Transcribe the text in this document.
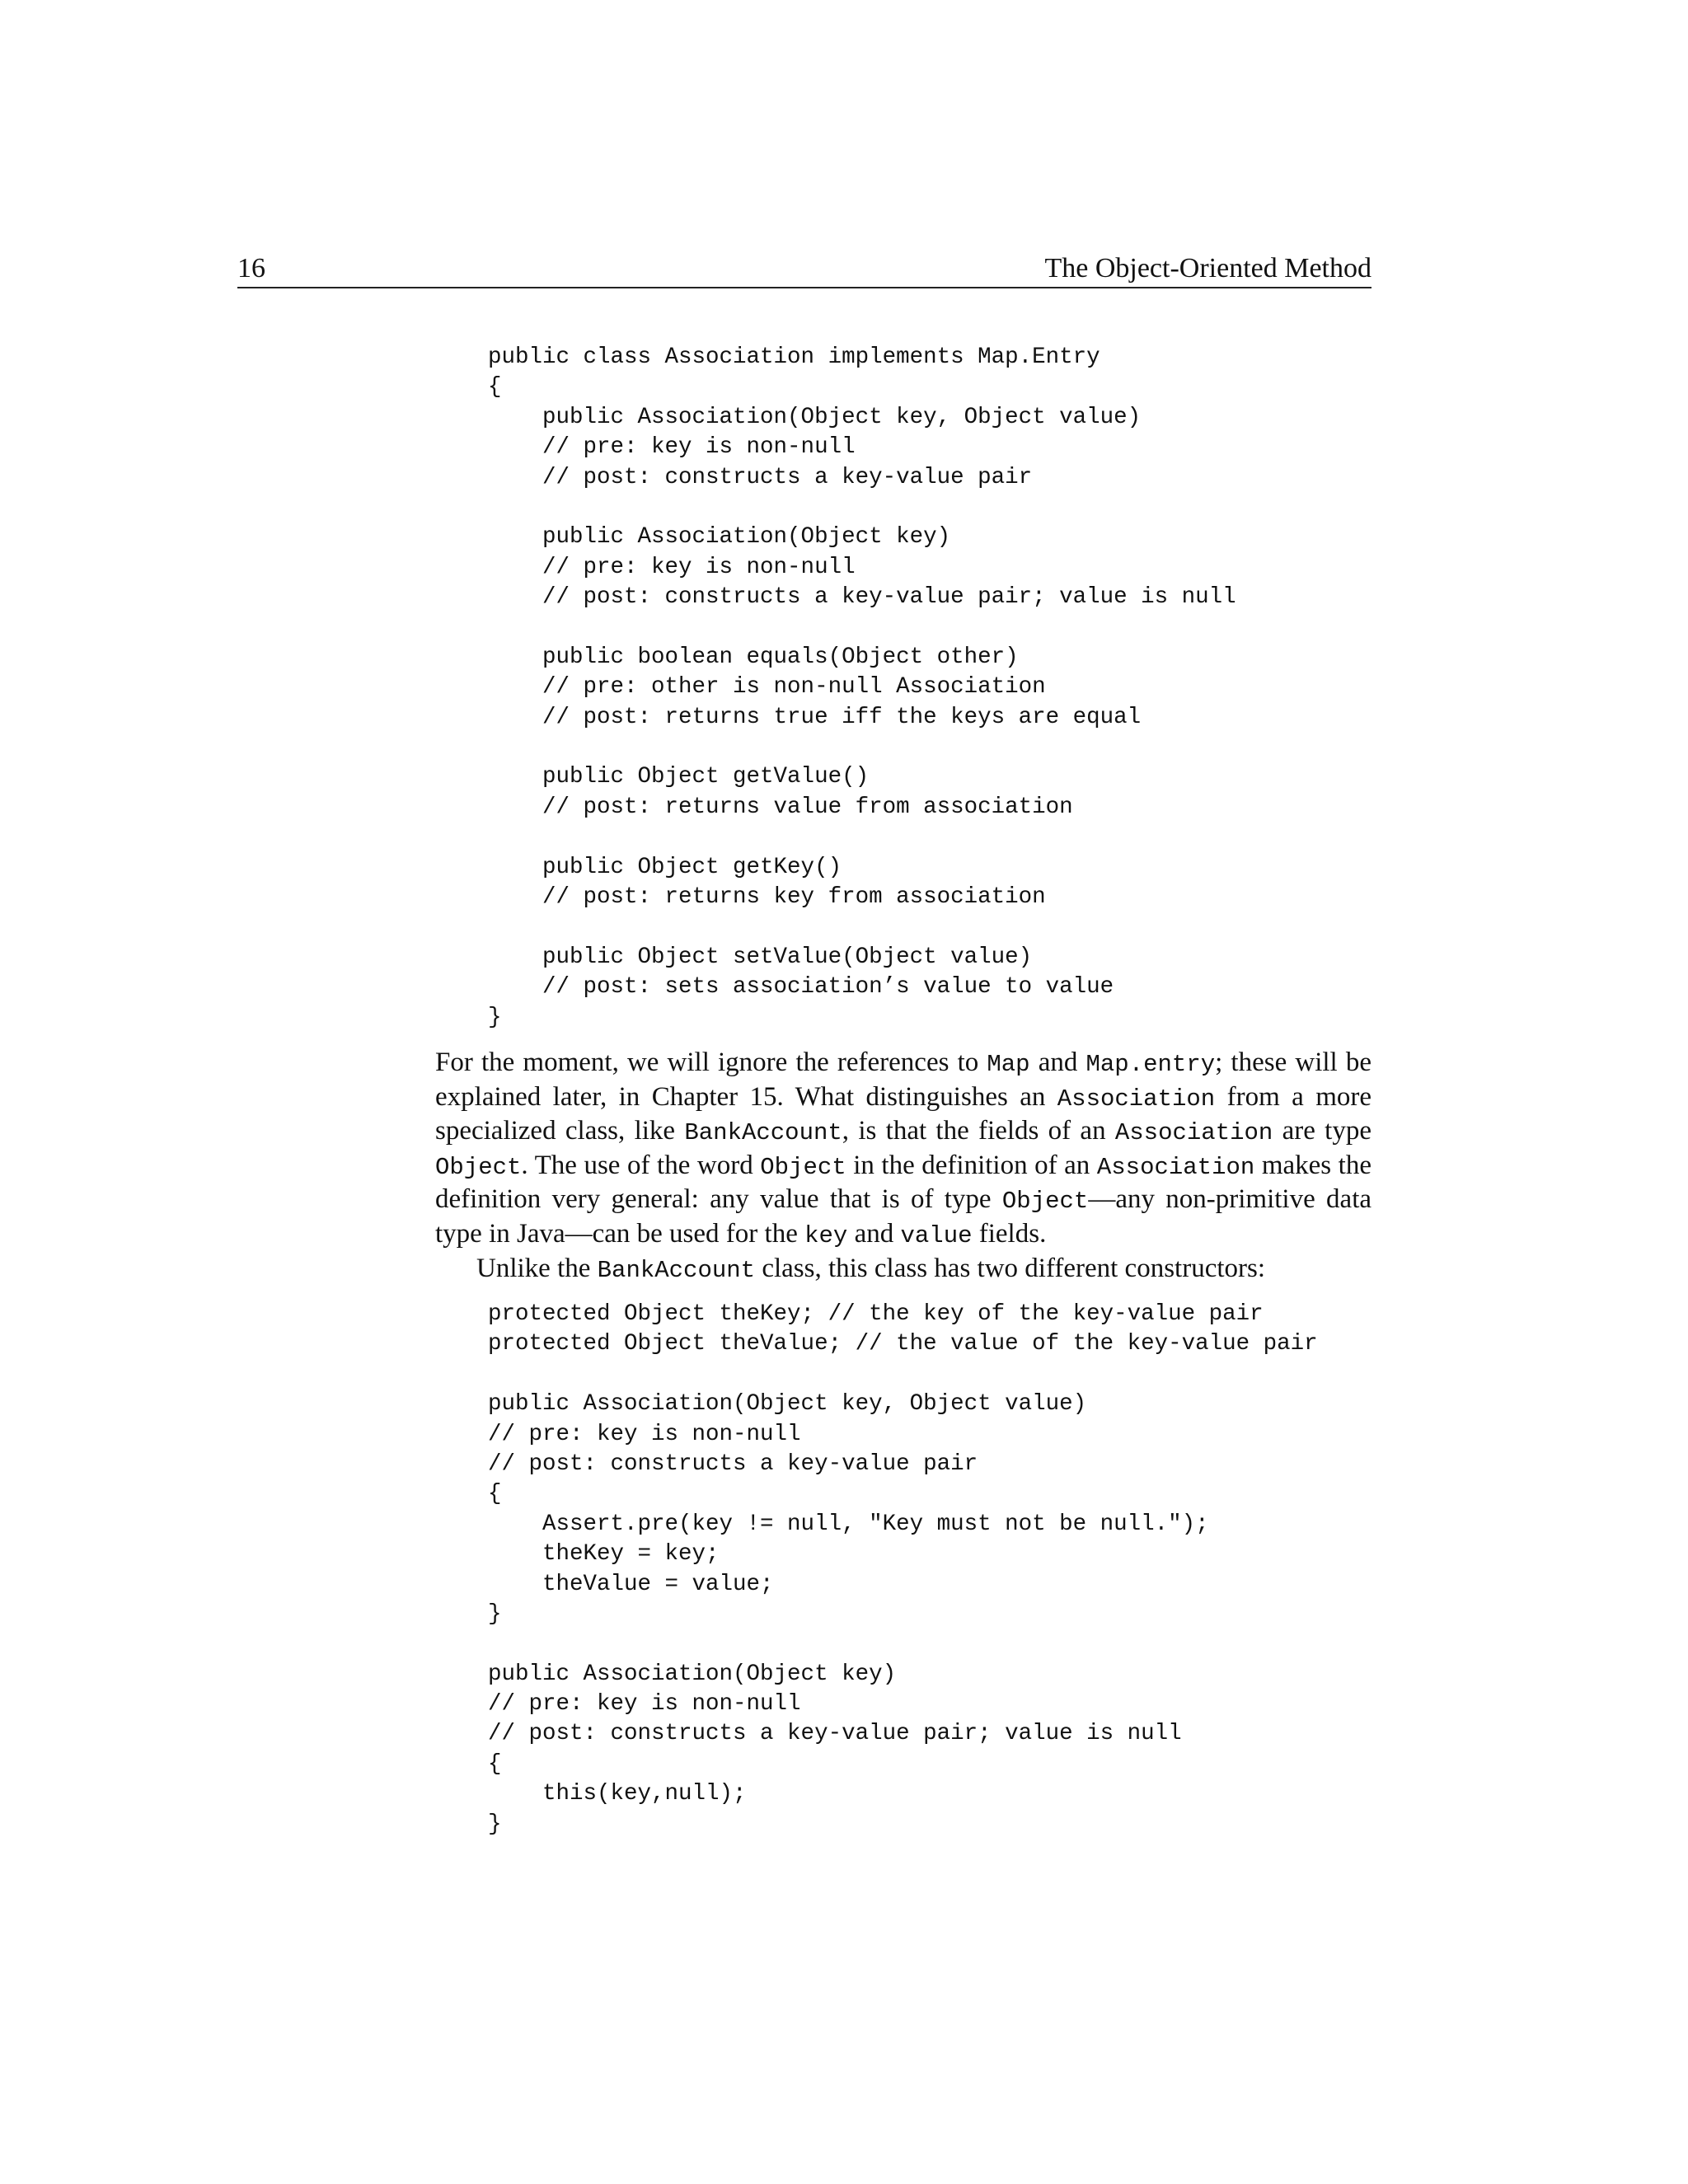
16	The Object-Oriented Method
public class Association implements Map.Entry
{
public Association(Object key, Object value)
// pre: key is non-null
// post: constructs a key-value pair
public Association(Object key)
// pre: key is non-null
// post: constructs a key-value pair; value is null
public boolean equals(Object other)
// pre: other is non-null Association
// post: returns true iff the keys are equal
public Object getValue()
// post: returns value from association
public Object getKey()
// post: returns key from association
public Object setValue(Object value)
// post: sets association’s value to value
}

For the moment, we will ignore the references to Map and Map.entry; these will be explained later, in Chapter 15. What distinguishes an Association from a more specialized class, like BankAccount, is that the fields of an Association are type Object. The use of the word Object in the definition of an Association makes the definition very general: any value that is of type Object—any non-primitive data type in Java—can be used for the key and value fields.

Unlike the BankAccount class, this class has two different constructors:

protected Object theKey; // the key of the key-value pair
protected Object theValue; // the value of the key-value pair
public Association(Object key, Object value)
// pre: key is non-null
// post: constructs a key-value pair
{
Assert.pre(key != null, "Key must not be null.");
theKey = key;
theValue = value;
}
public Association(Object key)
// pre: key is non-null
// post: constructs a key-value pair; value is null
{
this(key,null);
}
